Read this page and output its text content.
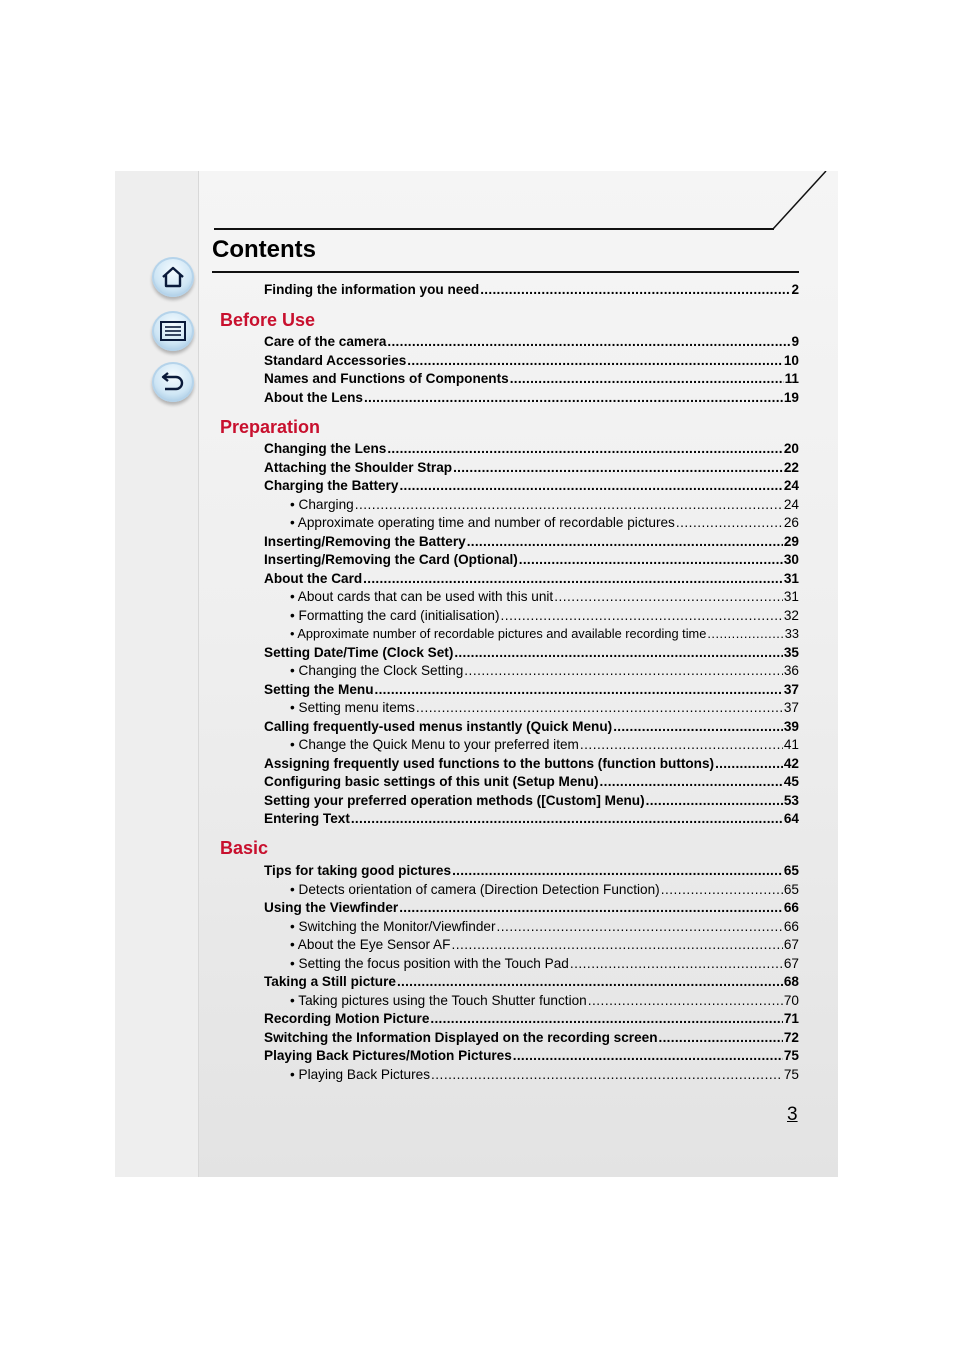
Contents
Finding the information you need .....	2
Before Use
Care of the camera .....	9
Standard Accessories .....	10
Names and Functions of Components .....	11
About the Lens .....	19
Preparation
Changing the Lens .....	20
Attaching the Shoulder Strap .....	22
Charging the Battery .....	24
• Charging .....	24
• Approximate operating time and number of recordable pictures .....	26
Inserting/Removing the Battery .....	29
Inserting/Removing the Card (Optional) .....	30
About the Card .....	31
• About cards that can be used with this unit .....	31
• Formatting the card (initialisation) .....	32
• Approximate number of recordable pictures and available recording time .....	33
Setting Date/Time (Clock Set) .....	35
• Changing the Clock Setting .....	36
Setting the Menu .....	37
• Setting menu items .....	37
Calling frequently-used menus instantly (Quick Menu) .....	39
• Change the Quick Menu to your preferred item .....	41
Assigning frequently used functions to the buttons (function buttons) .....	42
Configuring basic settings of this unit (Setup Menu) .....	45
Setting your preferred operation methods ([Custom] Menu) .....	53
Entering Text .....	64
Basic
Tips for taking good pictures .....	65
• Detects orientation of camera (Direction Detection Function) .....	65
Using the Viewfinder .....	66
• Switching the Monitor/Viewfinder .....	66
• About the Eye Sensor AF .....	67
• Setting the focus position with the Touch Pad .....	67
Taking a Still picture .....	68
• Taking pictures using the Touch Shutter function .....	70
Recording Motion Picture .....	71
Switching the Information Displayed on the recording screen .....	72
Playing Back Pictures/Motion Pictures .....	75
• Playing Back Pictures .....	75
3
